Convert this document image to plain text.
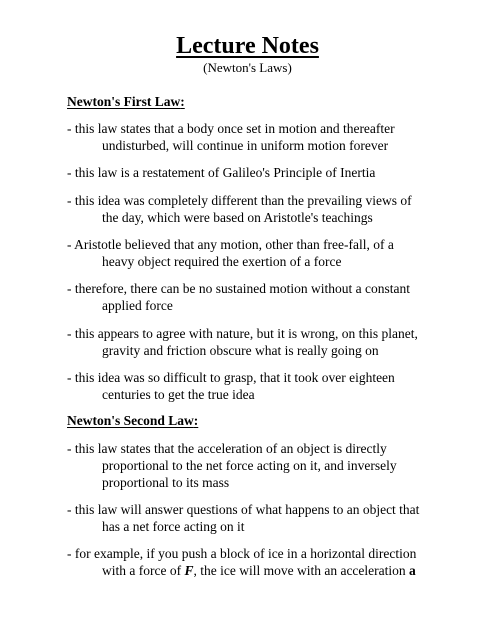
Lecture Notes

(Newton's Laws)

Newton's First Law:

- this law states that a body once set in motion and thereafter
undisturbed, will continue in uniform motion forever
- this law is a restatement of Galileo's Principle of Inertia
- this idea was completely different than the prevailing views of
the day, which were based on Aristotle's teachings
- Aristotle believed that any motion, other than free-fall, of a
heavy object required the exertion of a force
- therefore, there can be no sustained motion without a constant
applied force
- this appears to agree with nature, but it is wrong, on this planet,
gravity and friction obscure what is really going on
- this idea was so difficult to grasp, that it took over eighteen
centuries to get the true idea

Newton's Second Law:

- this law states that the acceleration of an object is directly
proportional to the net force acting on it, and inversely
proportional to its mass
- this law will answer questions of what happens to an object that
has a net force acting on it
- for example, if you push a block of ice in a horizontal direction
with a force of F, the ice will move with an acceleration a
